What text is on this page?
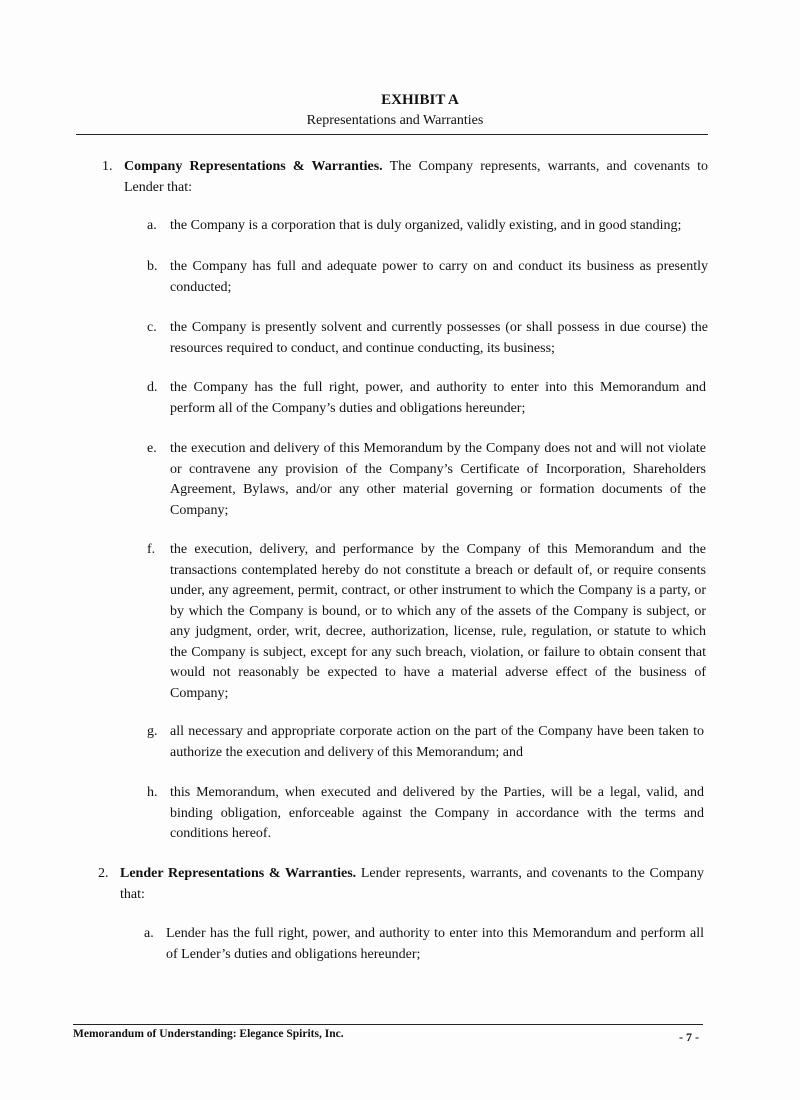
EXHIBIT A
Representations and Warranties
1. Company Representations & Warranties. The Company represents, warrants, and covenants to Lender that:
a. the Company is a corporation that is duly organized, validly existing, and in good standing;
b. the Company has full and adequate power to carry on and conduct its business as presently conducted;
c. the Company is presently solvent and currently possesses (or shall possess in due course) the resources required to conduct, and continue conducting, its business;
d. the Company has the full right, power, and authority to enter into this Memorandum and perform all of the Company’s duties and obligations hereunder;
e. the execution and delivery of this Memorandum by the Company does not and will not violate or contravene any provision of the Company’s Certificate of Incorporation, Shareholders Agreement, Bylaws, and/or any other material governing or formation documents of the Company;
f. the execution, delivery, and performance by the Company of this Memorandum and the transactions contemplated hereby do not constitute a breach or default of, or require consents under, any agreement, permit, contract, or other instrument to which the Company is a party, or by which the Company is bound, or to which any of the assets of the Company is subject, or any judgment, order, writ, decree, authorization, license, rule, regulation, or statute to which the Company is subject, except for any such breach, violation, or failure to obtain consent that would not reasonably be expected to have a material adverse effect of the business of Company;
g. all necessary and appropriate corporate action on the part of the Company have been taken to authorize the execution and delivery of this Memorandum; and
h. this Memorandum, when executed and delivered by the Parties, will be a legal, valid, and binding obligation, enforceable against the Company in accordance with the terms and conditions hereof.
2. Lender Representations & Warranties. Lender represents, warrants, and covenants to the Company that:
a. Lender has the full right, power, and authority to enter into this Memorandum and perform all of Lender’s duties and obligations hereunder;
Memorandum of Understanding: Elegance Spirits, Inc.	- 7 -
